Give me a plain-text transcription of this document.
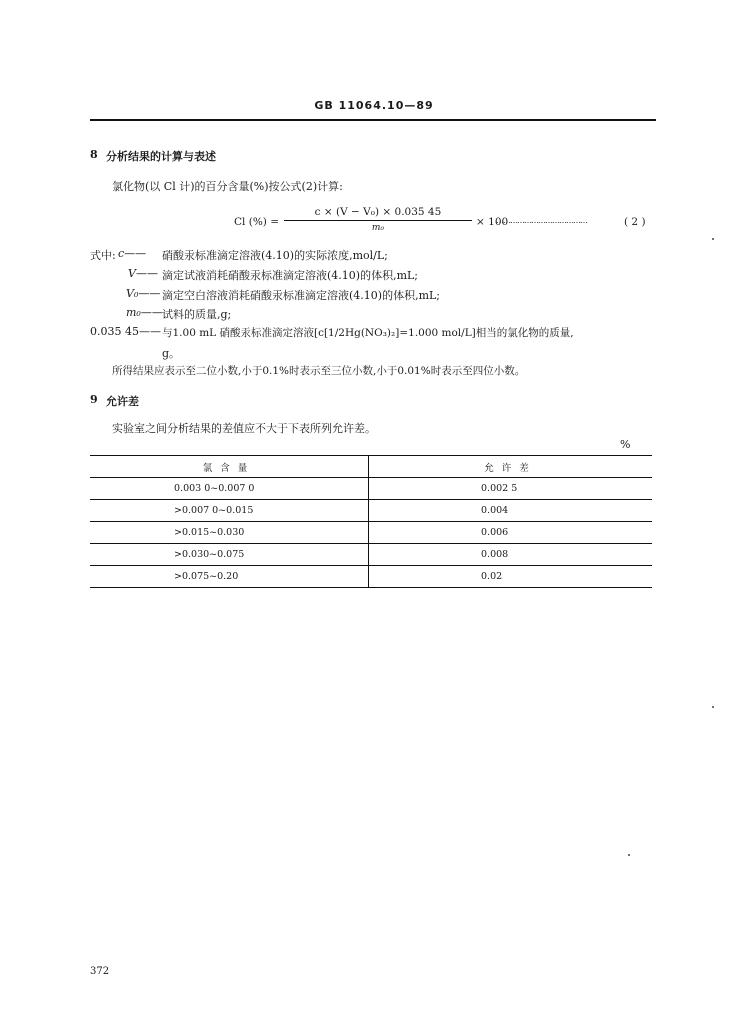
GB 11064.10—89
8 分析结果的计算与表述
氯化物(以 Cl 计)的百分含量(%)按公式(2)计算:
Cl (%) =
c × (V − V₀) × 0.035 45
m₀	× 100
…………………………………	( 2 )
式中: c—— 硝酸汞标准滴定溶液(4.10)的实际浓度,mol/L;
V—— 滴定试液消耗硝酸汞标准滴定溶液(4.10)的体积,mL;
V₀—— 滴定空白溶液消耗硝酸汞标准滴定溶液(4.10)的体积,mL;
m₀—— 试料的质量,g;
0.035 45—— 与1.00 mL 硝酸汞标准滴定溶液[c[1/2Hg(NO₃)₂]=1.000 mol/L]相当的氯化物的质量,
g。
所得结果应表示至二位小数,小于0.1%时表示至三位小数,小于0.01%时表示至四位小数。
9 允许差
实验室之间分析结果的差值应不大于下表所列允许差。
%
氯含量	允许差
0.003 0~0.007 0	0.002 5
>0.007 0~0.015	0.004
>0.015~0.030	0.006
>0.030~0.075	0.008
>0.075~0.20	0.02
372
